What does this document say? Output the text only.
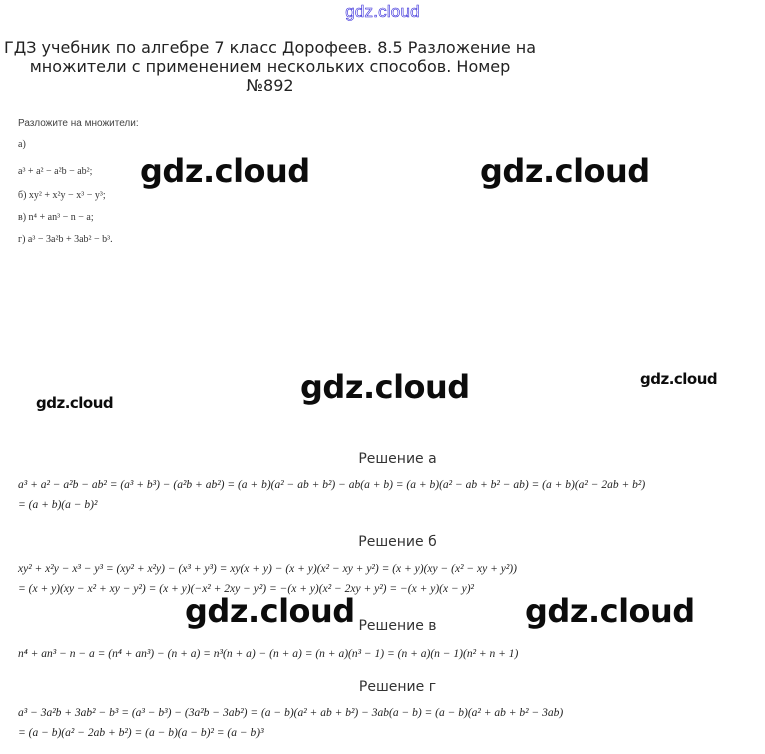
gdz.cloud
ГДЗ учебник по алгебре 7 класс Дорофеев. 8.5 Разложение на
множители с применением нескольких способов. Номер
№892
Разложите на множители:
а)
a³ + a² − a²b − ab²;
б) xy² + x²y − x³ − y³;
в) n⁴ + an³ − n − a;
г) a³ − 3a²b + 3ab² − b³.
gdz.cloud	gdz.cloud
gdz.cloud	gdz.cloud
gdz.cloud
gdz.cloud	gdz.cloud
Решение а
a³ + a² − a²b − ab² = (a³ + b³) − (a²b + ab²) = (a + b)(a² − ab + b²) − ab(a + b) = (a + b)(a² − ab + b² − ab) = (a + b)(a² − 2ab + b²)
= (a + b)(a − b)²
Решение б
xy² + x²y − x³ − y³ = (xy² + x²y) − (x³ + y³) = xy(x + y) − (x + y)(x² − xy + y²) = (x + y)(xy − (x² − xy + y²))
= (x + y)(xy − x² + xy − y²) = (x + y)(−x² + 2xy − y²) = −(x + y)(x² − 2xy + y²) = −(x + y)(x − y)²
Решение в
n⁴ + an³ − n − a = (n⁴ + an³) − (n + a) = n³(n + a) − (n + a) = (n + a)(n³ − 1) = (n + a)(n − 1)(n² + n + 1)
Решение г
a³ − 3a²b + 3ab² − b³ = (a³ − b³) − (3a²b − 3ab²) = (a − b)(a² + ab + b²) − 3ab(a − b) = (a − b)(a² + ab + b² − 3ab)
= (a − b)(a² − 2ab + b²) = (a − b)(a − b)² = (a − b)³
